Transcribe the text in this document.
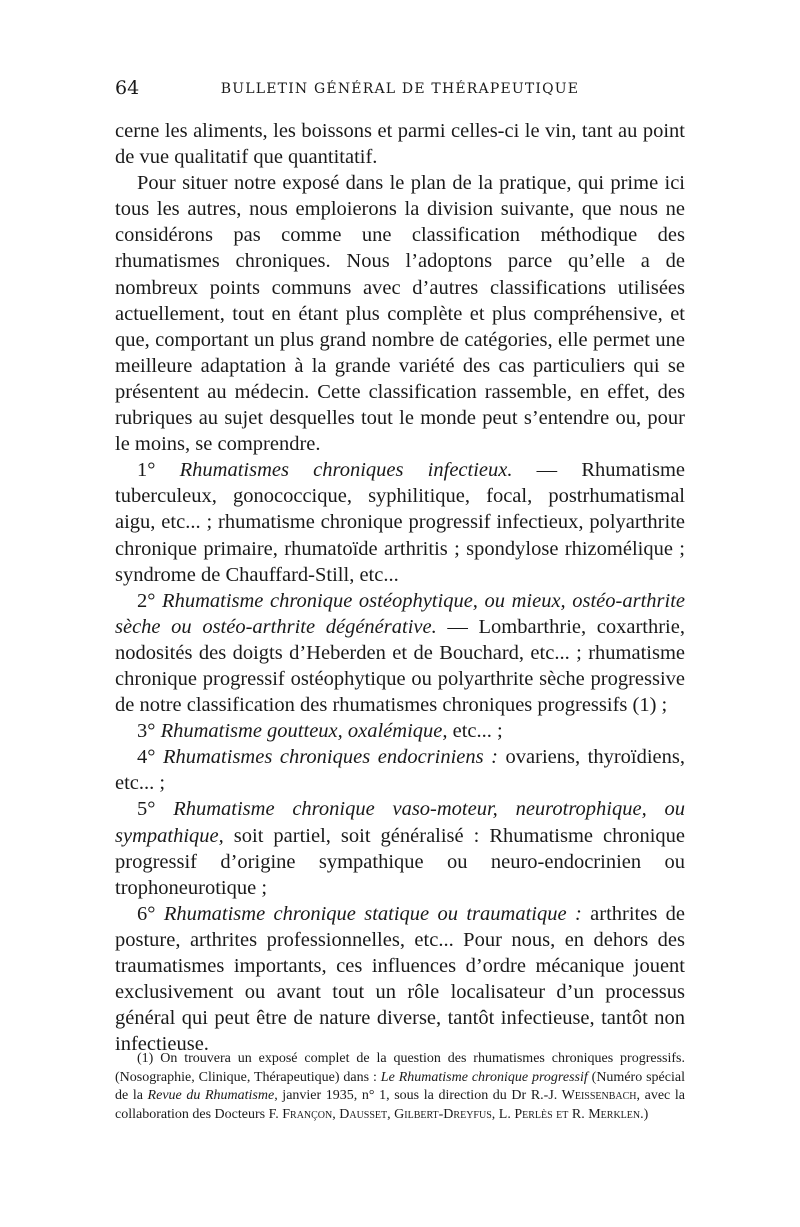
64	BULLETIN GÉNÉRAL DE THÉRAPEUTIQUE

cerne les aliments, les boissons et parmi celles-ci le vin, tant au point de vue qualitatif que quantitatif.

Pour situer notre exposé dans le plan de la pratique, qui prime ici tous les autres, nous emploierons la division suivante, que nous ne considérons pas comme une classification méthodique des rhumatismes chroniques. Nous l’adoptons parce qu’elle a de nombreux points communs avec d’autres classifications utilisées actuellement, tout en étant plus complète et plus compréhensive, et que, comportant un plus grand nombre de catégories, elle permet une meilleure adaptation à la grande variété des cas particuliers qui se présentent au médecin. Cette classification rassemble, en effet, des rubriques au sujet desquelles tout le monde peut s’entendre ou, pour le moins, se comprendre.

1° Rhumatismes chroniques infectieux. — Rhumatisme tuberculeux, gonococcique, syphilitique, focal, postrhumatismal aigu, etc... ; rhumatisme chronique progressif infectieux, polyarthrite chronique primaire, rhumatoïde arthritis ; spondylose rhizomélique ; syndrome de Chauffard-Still, etc...

2° Rhumatisme chronique ostéophytique, ou mieux, ostéo-arthrite sèche ou ostéo-arthrite dégénérative. — Lombarthrie, coxarthrie, nodosités des doigts d’Heberden et de Bouchard, etc... ; rhumatisme chronique progressif ostéophytique ou polyarthrite sèche progressive de notre classification des rhumatismes chroniques progressifs (1) ;

3° Rhumatisme goutteux, oxalémique, etc... ;

4° Rhumatismes chroniques endocriniens : ovariens, thyroïdiens, etc... ;

5° Rhumatisme chronique vaso-moteur, neurotrophique, ou sympathique, soit partiel, soit généralisé : Rhumatisme chronique progressif d’origine sympathique ou neuro-endocrinien ou trophoneurotique ;

6° Rhumatisme chronique statique ou traumatique : arthrites de posture, arthrites professionnelles, etc... Pour nous, en dehors des traumatismes importants, ces influences d’ordre mécanique jouent exclusivement ou avant tout un rôle localisateur d’un processus général qui peut être de nature diverse, tantôt infectieuse, tantôt non infectieuse.

(1) On trouvera un exposé complet de la question des rhumatismes chroniques progressifs. (Nosographie, Clinique, Thérapeutique) dans : Le Rhumatisme chronique progressif (Numéro spécial de la Revue du Rhumatisme, janvier 1935, n° 1, sous la direction du Dr R.-J. Weissenbach, avec la collaboration des Docteurs F. Françon, Dausset, Gilbert-Dreyfus, L. Perlès et R. Merklen.)
